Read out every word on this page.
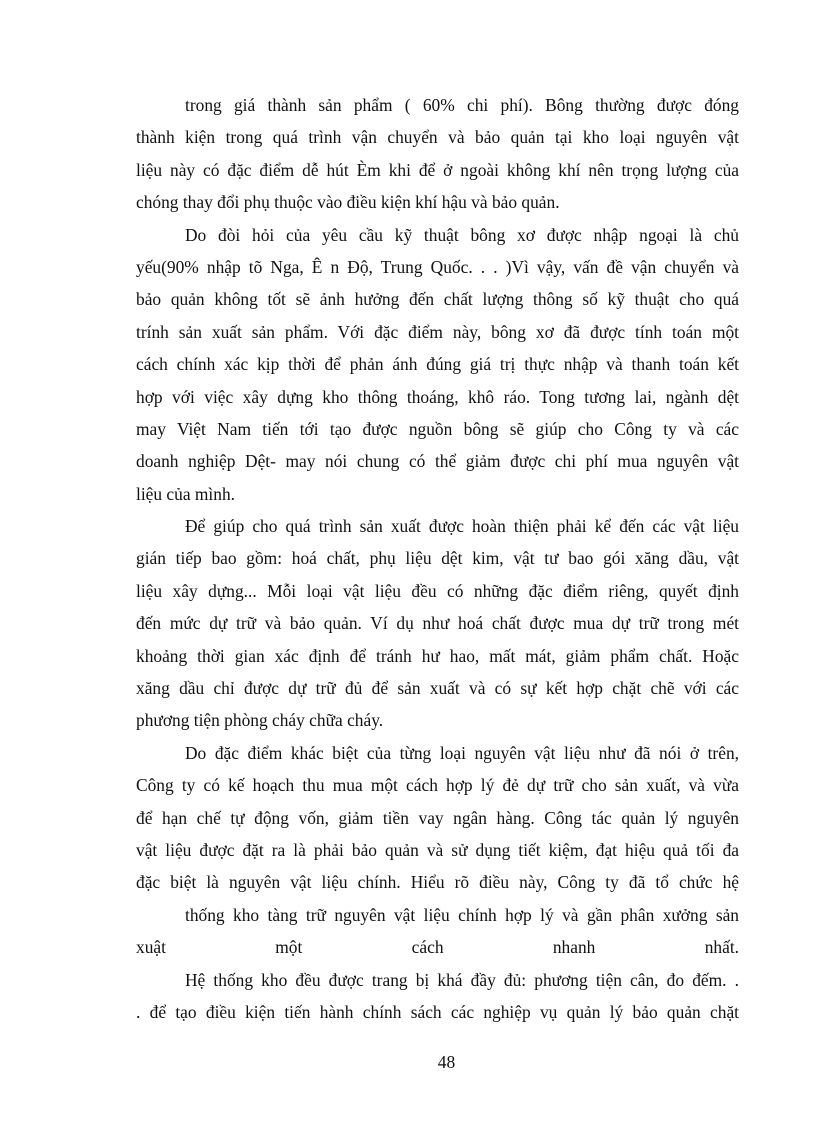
trong giá thành sản phẩm ( 60% chi phí). Bông thường được đóng
thành kiện trong quá trình vận chuyển và bảo quản tại kho loại nguyên vật
liệu này có đặc điểm dễ hút Èm khi để ở ngoài không khí nên trọng lượng của
chóng thay đổi phụ thuộc vào điều kiện khí hậu và bảo quản.
Do đòi hỏi của yêu cầu kỹ thuật bông xơ được nhập ngoại là chủ
yếu(90% nhập tõ Nga, Ê n Độ, Trung Quốc. . . )Vì vậy, vấn đề vận chuyển và
bảo quản không tốt sẽ ảnh hưởng đến chất lượng thông số kỹ thuật cho quá
trính sản xuất sản phẩm. Với đặc điểm này, bông xơ đã được tính toán một
cách chính xác kịp thời để phản ánh đúng giá trị thực nhập và thanh toán kết
hợp với việc xây dựng kho thông thoáng, khô ráo. Tong tương lai, ngành dệt
may Việt Nam tiến tới tạo được nguồn bông sẽ giúp cho Công ty và các
doanh nghiệp Dệt- may nói chung có thể giảm được chi phí mua nguyên vật
liệu của mình.
Để giúp cho quá trình sản xuất được hoàn thiện phải kể đến các vật liệu
gián tiếp bao gồm: hoá chất, phụ liệu dệt kim, vật tư bao gói xăng dầu, vật
liệu xây dựng... Mỗi loại vật liệu đều có những đặc điểm riêng, quyết định
đến mức dự trữ và bảo quản. Ví dụ như hoá chất được mua dự trữ trong mét
khoảng thời gian xác định để tránh hư hao, mất mát, giảm phẩm chất. Hoặc
xăng dầu chỉ được dự trữ đủ để sản xuất và có sự kết hợp chặt chẽ với các
phương tiện phòng cháy chữa cháy.
Do đặc điểm khác biệt của từng loại nguyên vật liệu như đã nói ở trên,
Công ty có kế hoạch thu mua một cách hợp lý đẻ dự trữ cho sản xuất, và vừa
để hạn chế tự động vốn, giảm tiền vay ngân hàng. Công tác quản lý nguyên
vật liệu được đặt ra là phải bảo quản và sử dụng tiết kiệm, đạt hiệu quả tối đa
đặc biệt là nguyên vật liệu chính. Hiểu rõ điều này, Công ty đã tổ chức hệ
thống kho tàng trữ nguyên vật liệu chính hợp lý và gần phân xưởng sản
xuật một cách nhanh nhất.
Hệ thống kho đều được trang bị khá đầy đủ: phương tiện cân, đo đếm. .
. để tạo điều kiện tiến hành chính sách các nghiệp vụ quản lý bảo quản chặt
48
